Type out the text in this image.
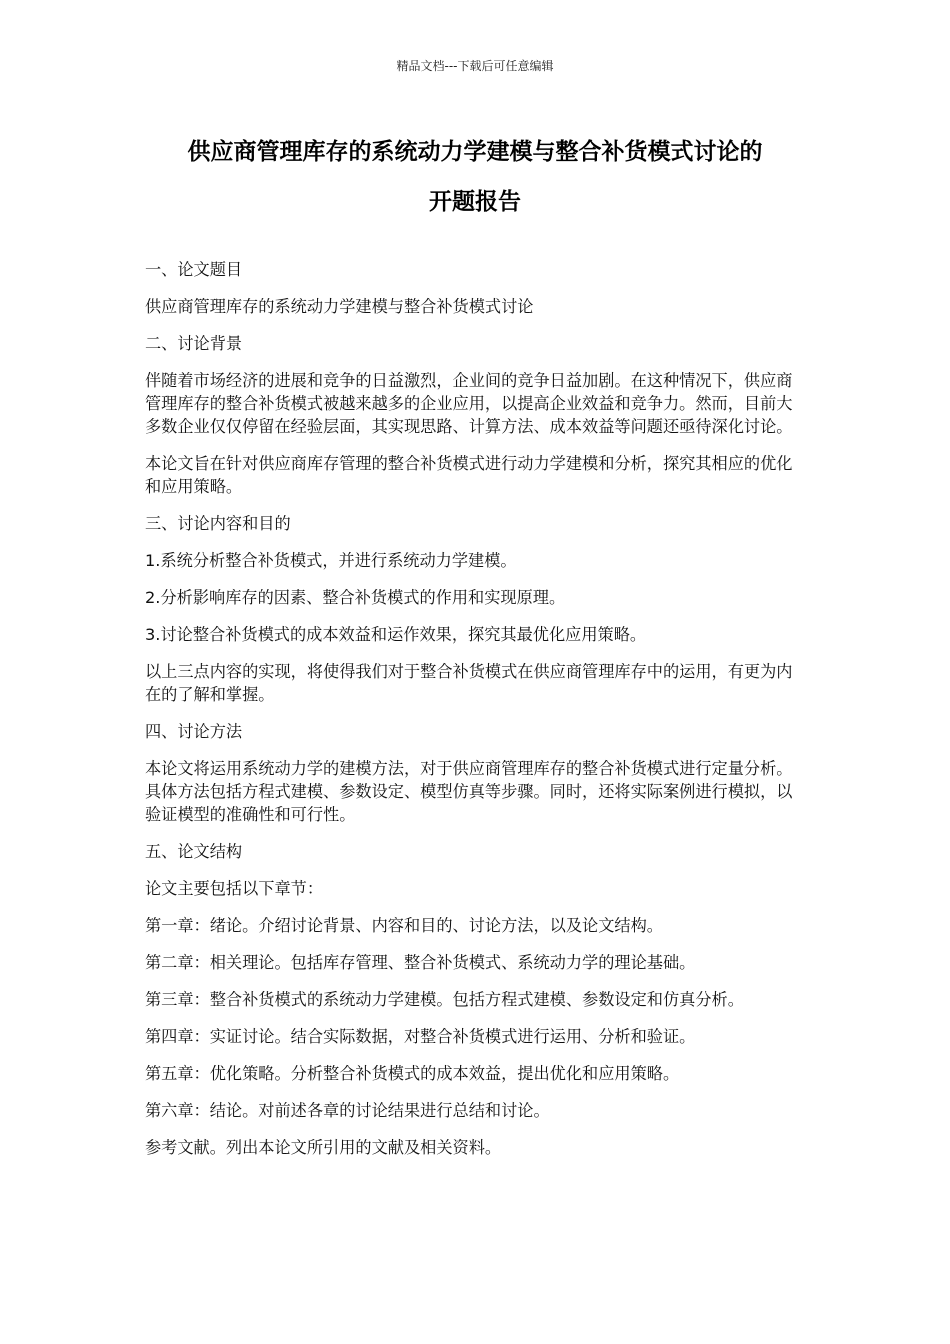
精品文档---下载后可任意编辑
供应商管理库存的系统动力学建模与整合补货模式讨论的
开题报告

一、论文题目

供应商管理库存的系统动力学建模与整合补货模式讨论

二、讨论背景

伴随着市场经济的进展和竞争的日益激烈，企业间的竞争日益加剧。在这种情况下，供应商管理库存的整合补货模式被越来越多的企业应用，以提高企业效益和竞争力。然而，目前大多数企业仅仅停留在经验层面，其实现思路、计算方法、成本效益等问题还亟待深化讨论。

本论文旨在针对供应商库存管理的整合补货模式进行动力学建模和分析，探究其相应的优化和应用策略。

三、讨论内容和目的

1.系统分析整合补货模式，并进行系统动力学建模。

2.分析影响库存的因素、整合补货模式的作用和实现原理。

3.讨论整合补货模式的成本效益和运作效果，探究其最优化应用策略。

以上三点内容的实现，将使得我们对于整合补货模式在供应商管理库存中的运用，有更为内在的了解和掌握。

四、讨论方法

本论文将运用系统动力学的建模方法，对于供应商管理库存的整合补货模式进行定量分析。具体方法包括方程式建模、参数设定、模型仿真等步骤。同时，还将实际案例进行模拟，以验证模型的准确性和可行性。

五、论文结构

论文主要包括以下章节：

第一章：绪论。介绍讨论背景、内容和目的、讨论方法，以及论文结构。

第二章：相关理论。包括库存管理、整合补货模式、系统动力学的理论基础。

第三章：整合补货模式的系统动力学建模。包括方程式建模、参数设定和仿真分析。

第四章：实证讨论。结合实际数据，对整合补货模式进行运用、分析和验证。

第五章：优化策略。分析整合补货模式的成本效益，提出优化和应用策略。

第六章：结论。对前述各章的讨论结果进行总结和讨论。

参考文献。列出本论文所引用的文献及相关资料。
